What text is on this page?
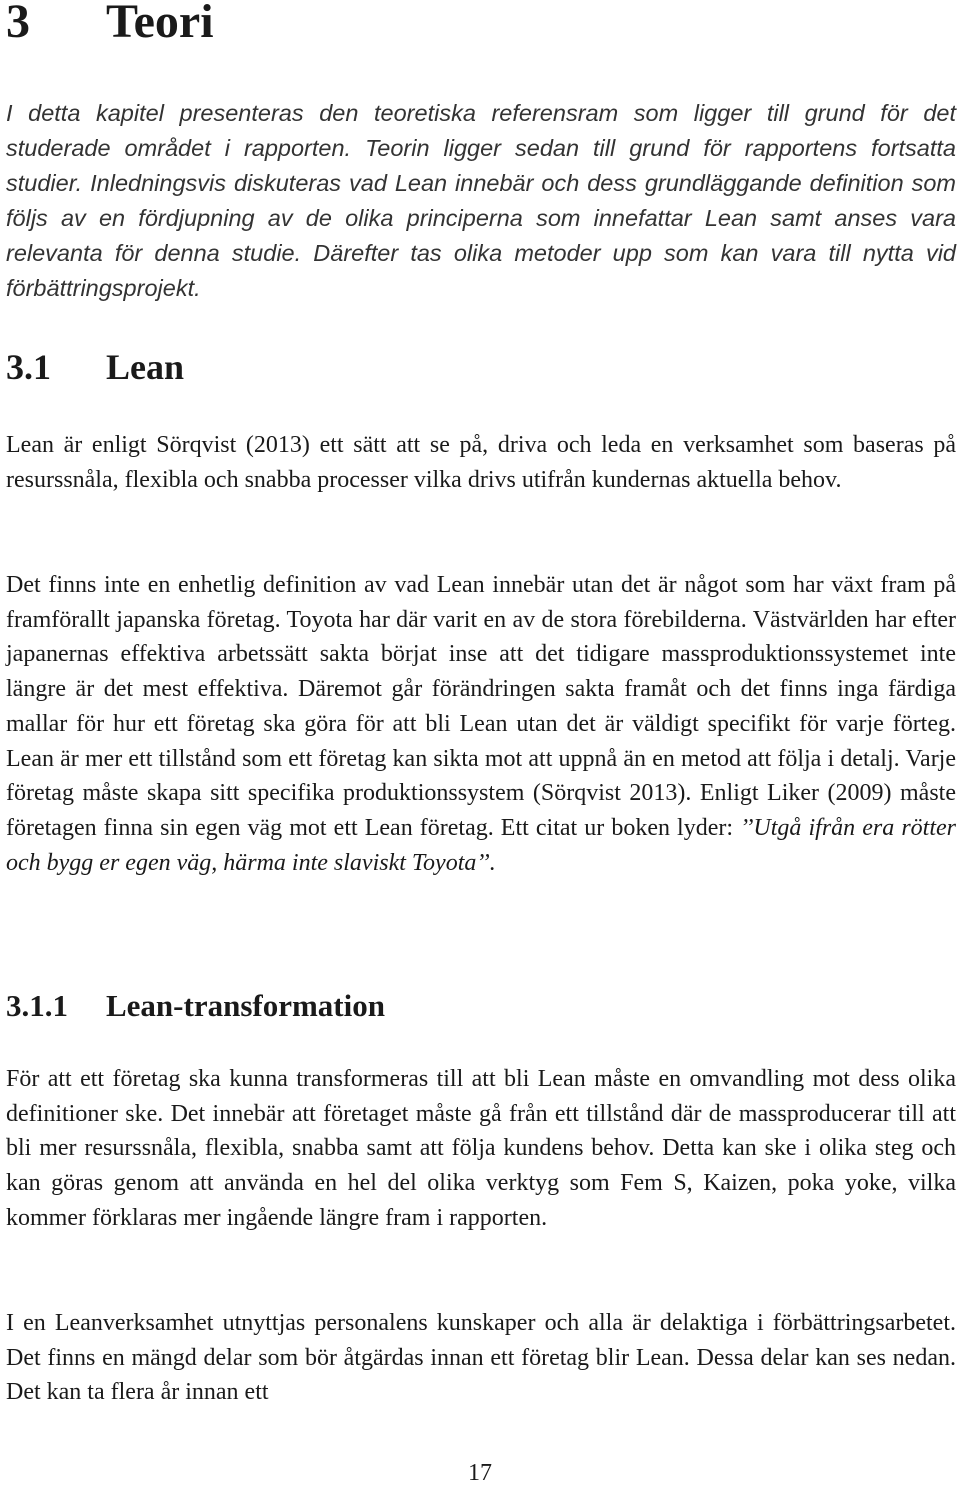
3 Teori

I detta kapitel presenteras den teoretiska referensram som ligger till grund för det studerade området i rapporten. Teorin ligger sedan till grund för rapportens fortsatta studier. Inledningsvis diskuteras vad Lean innebär och dess grundläggande definition som följs av en fördjupning av de olika principerna som innefattar Lean samt anses vara relevanta för denna studie. Därefter tas olika metoder upp som kan vara till nytta vid förbättringsprojekt.

3.1 Lean

Lean är enligt Sörqvist (2013) ett sätt att se på, driva och leda en verksamhet som baseras på resurssnåla, flexibla och snabba processer vilka drivs utifrån kundernas aktuella behov.

Det finns inte en enhetlig definition av vad Lean innebär utan det är något som har växt fram på framförallt japanska företag. Toyota har där varit en av de stora förebilderna. Västvärlden har efter japanernas effektiva arbetssätt sakta börjat inse att det tidigare massproduktionssystemet inte längre är det mest effektiva. Däremot går förändringen sakta framåt och det finns inga färdiga mallar för hur ett företag ska göra för att bli Lean utan det är väldigt specifikt för varje förteg. Lean är mer ett tillstånd som ett företag kan sikta mot att uppnå än en metod att följa i detalj. Varje företag måste skapa sitt specifika produktionssystem (Sörqvist 2013). Enligt Liker (2009) måste företagen finna sin egen väg mot ett Lean företag. Ett citat ur boken lyder: ’’Utgå ifrån era rötter och bygg er egen väg, härma inte slaviskt Toyota’’.

3.1.1 Lean-transformation

För att ett företag ska kunna transformeras till att bli Lean måste en omvandling mot dess olika definitioner ske. Det innebär att företaget måste gå från ett tillstånd där de massproducerar till att bli mer resurssnåla, flexibla, snabba samt att följa kundens behov. Detta kan ske i olika steg och kan göras genom att använda en hel del olika verktyg som Fem S, Kaizen, poka yoke, vilka kommer förklaras mer ingående längre fram i rapporten.

I en Leanverksamhet utnyttjas personalens kunskaper och alla är delaktiga i förbättringsarbetet. Det finns en mängd delar som bör åtgärdas innan ett företag blir Lean. Dessa delar kan ses nedan. Det kan ta flera år innan ett

17
